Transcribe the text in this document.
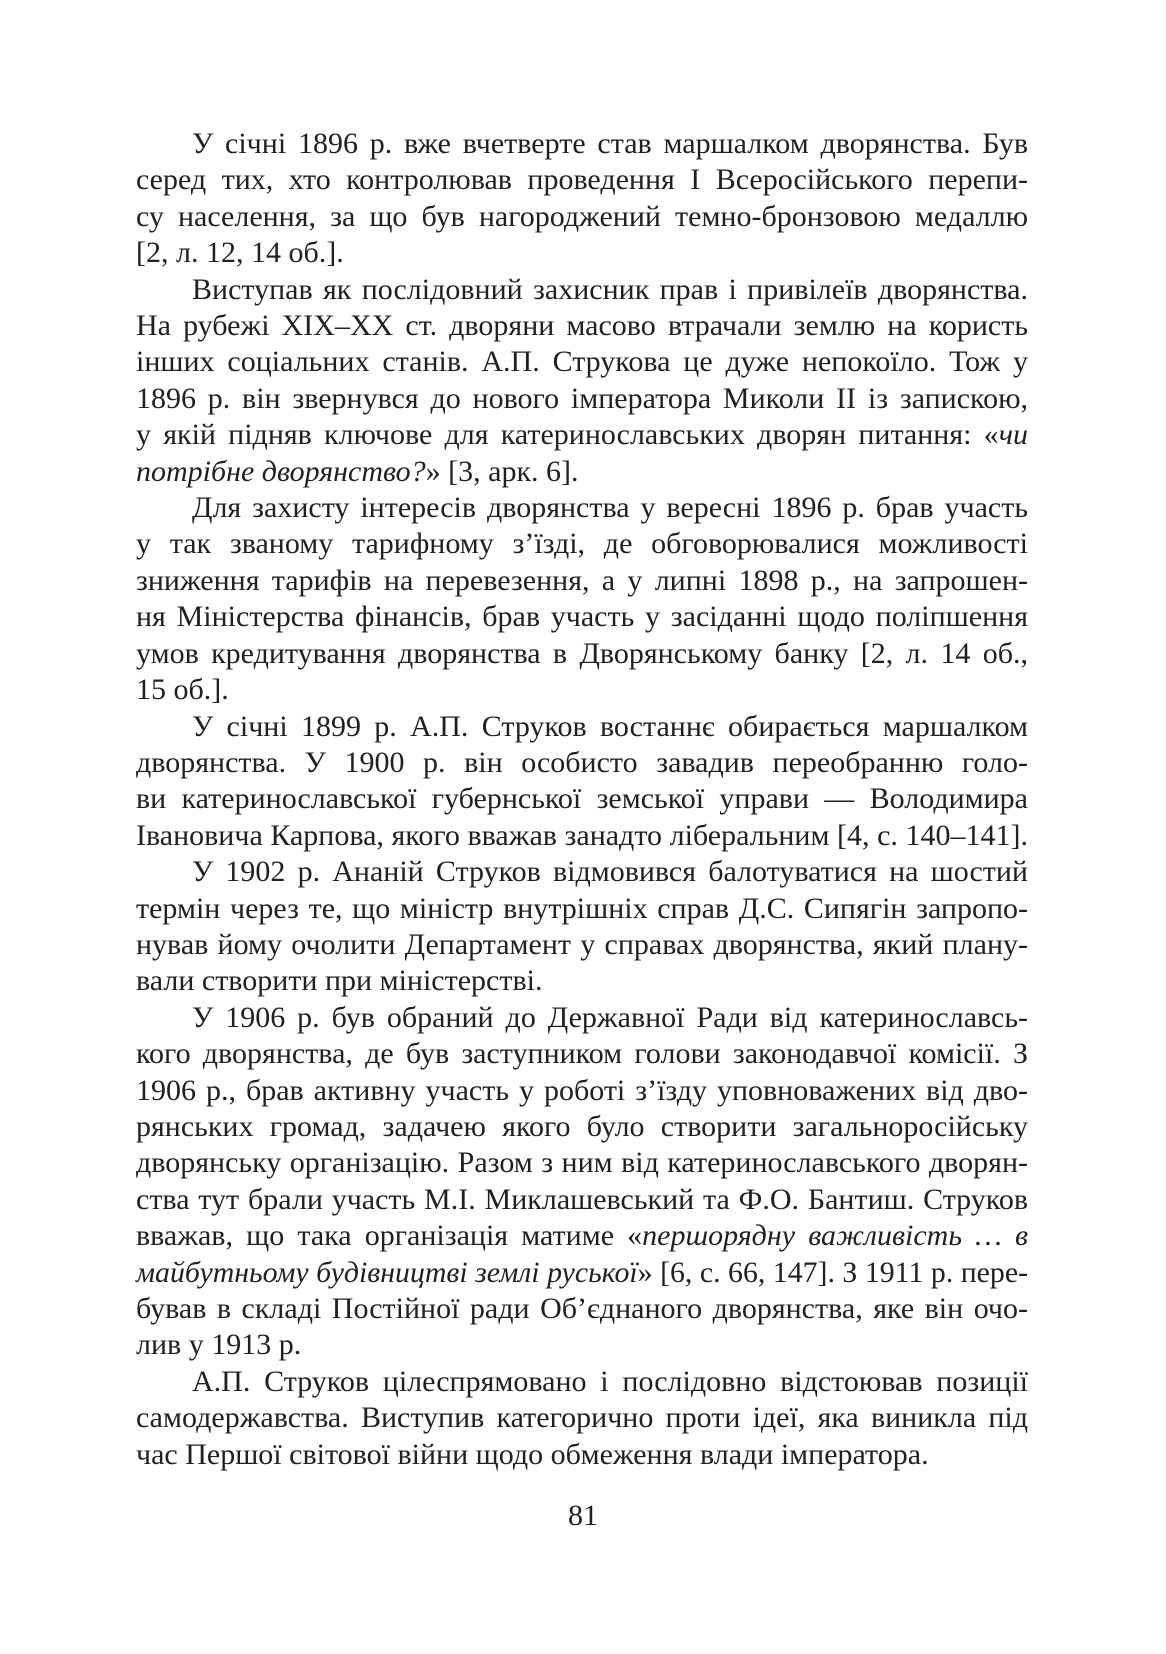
У січні 1896 р. вже вчетверте став маршалком дворянства. Був
серед тих, хто контролював проведення І Всеросійського перепи-
су населення, за що був нагороджений темно-бронзовою медаллю
[2, л. 12, 14 об.].
Виступав як послідовний захисник прав і привілеїв дворянства.
На рубежі ХІХ–ХХ ст. дворяни масово втрачали землю на користь
інших соціальних станів. А.П. Струкова це дуже непокоїло. Тож у
1896 р. він звернувся до нового імператора Миколи ІІ із запискою,
у якій підняв ключове для катеринославських дворян питання: «чи
потрібне дворянство?» [3, арк. 6].
Для захисту інтересів дворянства у вересні 1896 р. брав участь
у так званому тарифному з’їзді, де обговорювалися можливості
зниження тарифів на перевезення, а у липні 1898 р., на запрошен-
ня Міністерства фінансів, брав участь у засіданні щодо поліпшення
умов кредитування дворянства в Дворянському банку [2, л. 14 об.,
15 об.].
У січні 1899 р. А.П. Струков востаннє обирається маршалком
дворянства. У 1900 р. він особисто завадив переобранню голо-
ви катеринославської губернської земської управи — Володимира
Івановича Карпова, якого вважав занадто ліберальним [4, с. 140–141].
У 1902 р. Ананій Струков відмовився балотуватися на шостий
термін через те, що міністр внутрішніх справ Д.С. Сипягін запропо-
нував йому очолити Департамент у справах дворянства, який плану-
вали створити при міністерстві.
У 1906 р. був обраний до Державної Ради від катеринославсь-
кого дворянства, де був заступником голови законодавчої комісії. З
1906 р., брав активну участь у роботі з’їзду уповноважених від дво-
рянських громад, задачею якого було створити загальноросійську
дворянську організацію. Разом з ним від катеринославського дворян-
ства тут брали участь М.І. Миклашевський та Ф.О. Бантиш. Струков
вважав, що така організація матиме «першорядну важливість … в
майбутньому будівництві землі руської» [6, с. 66, 147]. З 1911 р. пере-
бував в складі Постійної ради Об’єднаного дворянства, яке він очо-
лив у 1913 р.
А.П. Струков цілеспрямовано і послідовно відстоював позиції
самодержавства. Виступив категорично проти ідеї, яка виникла під
час Першої світової війни щодо обмеження влади імператора.
81
